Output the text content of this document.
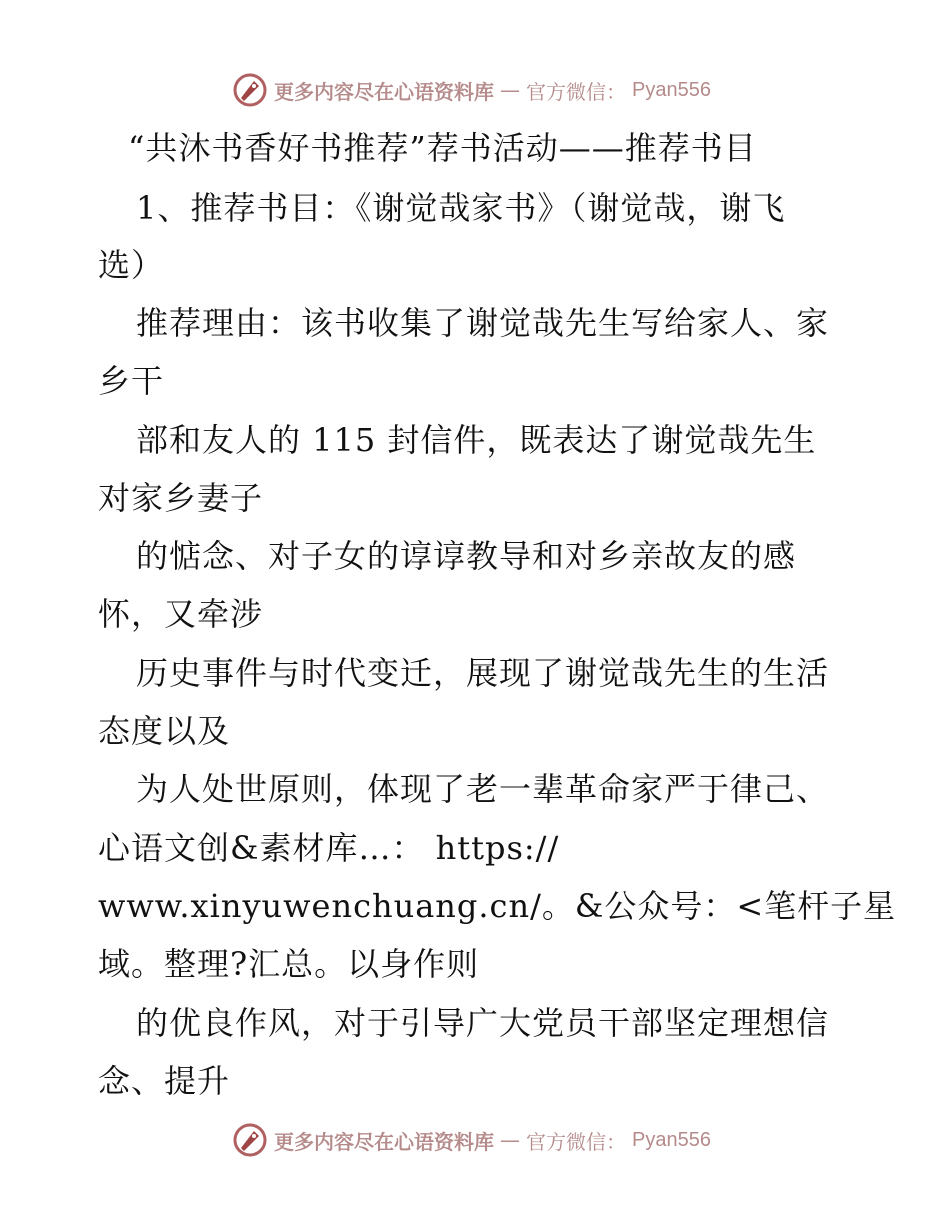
更多内容尽在心语资料库 — 官方微信： Pyan556
“共沐书香好书推荐”荐书活动——推荐书目
1、推荐书目：《谢觉哉家书》（谢觉哉，谢飞
选）
推荐理由：该书收集了谢觉哉先生写给家人、家
乡干
部和友人的 115 封信件，既表达了谢觉哉先生
对家乡妻子
的惦念、对子女的谆谆教导和对乡亲故友的感
怀，又牵涉
历史事件与时代变迁，展现了谢觉哉先生的生活
态度以及
为人处世原则，体现了老一辈革命家严于律己、
心语文创&素材库…： https://
www.xinyuwenchuang.cn/。&公众号：<笔杆子星
域。整理?汇总。以身作则
的优良作风，对于引导广大党员干部坚定理想信
念、提升
更多内容尽在心语资料库 — 官方微信： Pyan556
